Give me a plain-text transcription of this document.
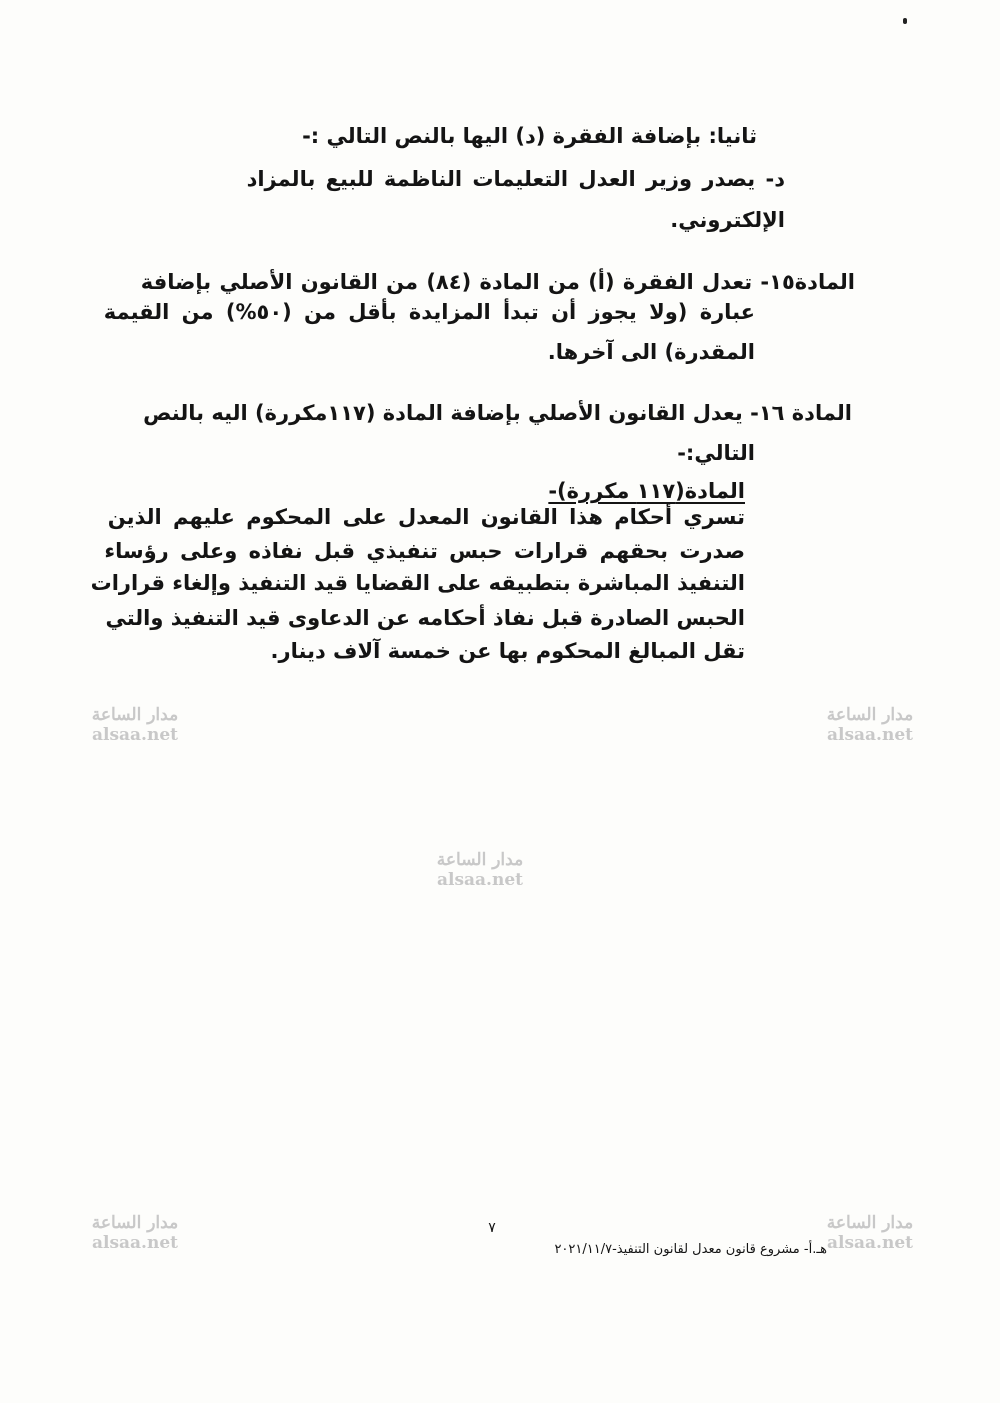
ثانيا: بإضافة الفقرة (د) اليها بالنص التالي :-
د- يصدر وزير العدل التعليمات الناظمة للبيع بالمزاد
الإلكتروني.
المادة١٥- تعدل الفقرة (أ) من المادة (٨٤) من القانون الأصلي بإضافة
عبارة (ولا يجوز أن تبدأ المزايدة بأقل من (٥٠%) من القيمة
المقدرة) الى آخرها.
المادة ١٦- يعدل القانون الأصلي بإضافة المادة (١١٧مكررة) اليه بالنص
التالي:-
المادة(١١٧ مكررة)-
تسري أحكام هذا القانون المعدل على المحكوم عليهم الذين
صدرت بحقهم قرارات حبس تنفيذي قبل نفاذه وعلى رؤساء
التنفيذ المباشرة بتطبيقه على القضايا قيد التنفيذ وإلغاء قرارات
الحبس الصادرة قبل نفاذ أحكامه عن الدعاوى قيد التنفيذ والتي
تقل المبالغ المحكوم بها عن خمسة آلاف دينار.
مدار الساعة
alsaa.net
مدار الساعة
alsaa.net
مدار الساعة
alsaa.net
مدار الساعة
alsaa.net
مدار الساعة
alsaa.net
٧
هـ.أ- مشروع قانون معدل لقانون التنفيذ-٢٠٢١/١١/٧
